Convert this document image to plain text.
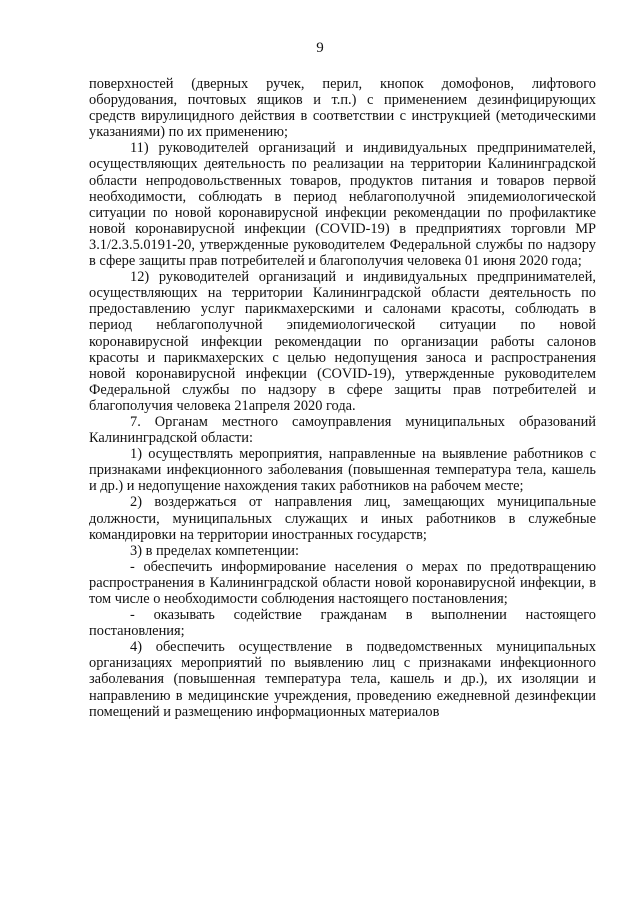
9

поверхностей (дверных ручек, перил, кнопок домофонов, лифтового оборудования, почтовых ящиков и т.п.) с применением дезинфицирующих средств вирулицидного действия в соответствии с инструкцией (методическими указаниями) по их применению;

11) руководителей организаций и индивидуальных предпринимателей, осуществляющих деятельность по реализации на территории Калининградской области непродовольственных товаров, продуктов питания и товаров первой необходимости, соблюдать в период неблагополучной эпидемиологической ситуации по новой коронавирусной инфекции рекомендации по профилактике новой коронавирусной инфекции (COVID-19) в предприятиях торговли МР 3.1/2.3.5.0191-20, утвержденные руководителем Федеральной службы по надзору в сфере защиты прав потребителей и благополучия человека 01 июня 2020 года;

12) руководителей организаций и индивидуальных предпринимателей, осуществляющих на территории Калининградской области деятельность по предоставлению услуг парикмахерскими и салонами красоты, соблюдать в период неблагополучной эпидемиологической ситуации по новой коронавирусной инфекции рекомендации по организации работы салонов красоты и парикмахерских с целью недопущения заноса и распространения новой коронавирусной инфекции (COVID-19), утвержденные руководителем Федеральной службы по надзору в сфере защиты прав потребителей и благополучия человека 21апреля 2020 года.

7. Органам местного самоуправления муниципальных образований Калининградской области:

1) осуществлять мероприятия, направленные на выявление работников с признаками инфекционного заболевания (повышенная температура тела, кашель и др.) и недопущение нахождения таких работников на рабочем месте;

2) воздержаться от направления лиц, замещающих муниципальные должности, муниципальных служащих и иных работников в служебные командировки на территории иностранных государств;

3) в пределах компетенции:

- обеспечить информирование населения о мерах по предотвращению распространения в Калининградской области новой коронавирусной инфекции, в том числе о необходимости соблюдения настоящего постановления;

- оказывать содействие гражданам в выполнении настоящего постановления;

4) обеспечить осуществление в подведомственных муниципальных организациях мероприятий по выявлению лиц с признаками инфекционного заболевания (повышенная температура тела, кашель и др.), их изоляции и направлению в медицинские учреждения, проведению ежедневной дезинфекции помещений и размещению информационных материалов
